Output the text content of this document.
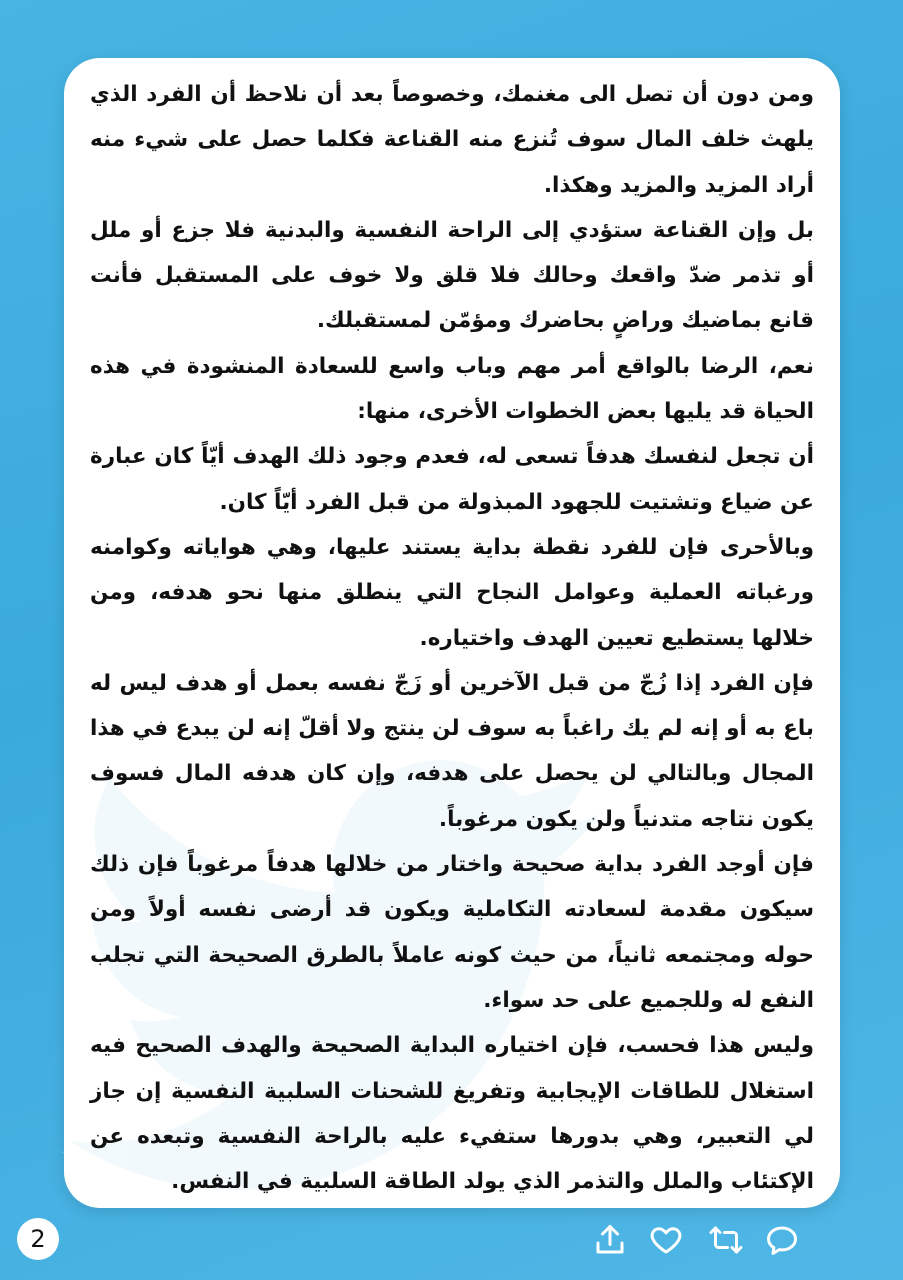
ومن دون أن تصل الى مغنمك، وخصوصاً بعد أن نلاحظ أن الفرد الذي يلهث خلف المال سوف تُنزع منه القناعة فكلما حصل على شيء منه أراد المزيد والمزيد وهكذا.

بل وإن القناعة ستؤدي إلى الراحة النفسية والبدنية فلا جزع أو ملل أو تذمر ضدّ واقعك وحالك فلا قلق ولا خوف على المستقبل فأنت قانع بماضيك وراضٍ بحاضرك ومؤمّن لمستقبلك.

نعم، الرضا بالواقع أمر مهم وباب واسع للسعادة المنشودة في هذه الحياة قد يليها بعض الخطوات الأخرى، منها:

أن تجعل لنفسك هدفاً تسعى له، فعدم وجود ذلك الهدف أيّاً كان عبارة عن ضياع وتشتيت للجهود المبذولة من قبل الفرد أيّاً كان.

وبالأحرى فإن للفرد نقطة بداية يستند عليها، وهي هواياته وكوامنه ورغباته العملية وعوامل النجاح التي ينطلق منها نحو هدفه، ومن خلالها يستطيع تعيين الهدف واختياره.

فإن الفرد إذا زُجّ من قبل الآخرين أو زَجّ نفسه بعمل أو هدف ليس له باع به أو إنه لم يك راغباً به سوف لن ينتج ولا أقلّ إنه لن يبدع في هذا المجال وبالتالي لن يحصل على هدفه، وإن كان هدفه المال فسوف يكون نتاجه متدنياً ولن يكون مرغوباً.

فإن أوجد الفرد بداية صحيحة واختار من خلالها هدفاً مرغوباً فإن ذلك سيكون مقدمة لسعادته التكاملية ويكون قد أرضى نفسه أولاً ومن حوله ومجتمعه ثانياً، من حيث كونه عاملاً بالطرق الصحيحة التي تجلب النفع له وللجميع على حد سواء.

وليس هذا فحسب، فإن اختياره البداية الصحيحة والهدف الصحيح فيه استغلال للطاقات الإيجابية وتفريغ للشحنات السلبية النفسية إن جاز لي التعبير، وهي بدورها ستفيء عليه بالراحة النفسية وتبعده عن الإكتئاب والملل والتذمر الذي يولد الطاقة السلبية في النفس.

2
